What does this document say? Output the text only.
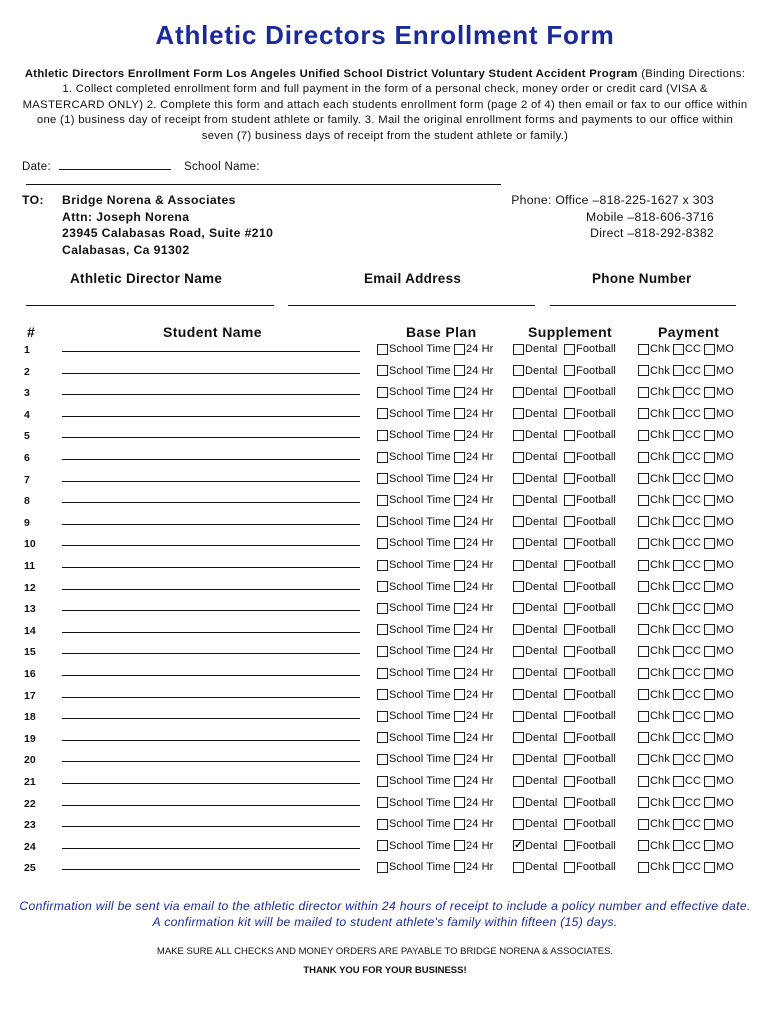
Athletic Directors Enrollment Form
Athletic Directors Enrollment Form Los Angeles Unified School District Voluntary Student Accident Program (Binding Directions: 1. Collect completed enrollment form and full payment in the form of a personal check, money order or credit card (VISA & MASTERCARD ONLY) 2. Complete this form and attach each students enrollment form (page 2 of 4) then email or fax to our office within one (1) business day of receipt from student athlete or family. 3. Mail the original enrollment forms and payments to our office within seven (7) business days of receipt from the student athlete or family.)
Date:	School Name:
TO: Bridge Norena & Associates
Attn: Joseph Norena
23945 Calabasas Road, Suite #210
Calabasas, Ca 91302
Phone: Office –818-225-1627 x 303
Mobile –818-606-3716
Direct –818-292-8382
Athletic Director Name	Email Address	Phone Number
#	Student Name	Base Plan	Supplement	Payment
1	School Time 24 Hr	Dental Football	Chk CC MO
2	School Time 24 Hr	Dental Football	Chk CC MO
3	School Time 24 Hr	Dental Football	Chk CC MO
4	School Time 24 Hr	Dental Football	Chk CC MO
5	School Time 24 Hr	Dental Football	Chk CC MO
6	School Time 24 Hr	Dental Football	Chk CC MO
7	School Time 24 Hr	Dental Football	Chk CC MO
8	School Time 24 Hr	Dental Football	Chk CC MO
9	School Time 24 Hr	Dental Football	Chk CC MO
10	School Time 24 Hr	Dental Football	Chk CC MO
11	School Time 24 Hr	Dental Football	Chk CC MO
12	School Time 24 Hr	Dental Football	Chk CC MO
13	School Time 24 Hr	Dental Football	Chk CC MO
14	School Time 24 Hr	Dental Football	Chk CC MO
15	School Time 24 Hr	Dental Football	Chk CC MO
16	School Time 24 Hr	Dental Football	Chk CC MO
17	School Time 24 Hr	Dental Football	Chk CC MO
18	School Time 24 Hr	Dental Football	Chk CC MO
19	School Time 24 Hr	Dental Football	Chk CC MO
20	School Time 24 Hr	Dental Football	Chk CC MO
21	School Time 24 Hr	Dental Football	Chk CC MO
22	School Time 24 Hr	Dental Football	Chk CC MO
23	School Time 24 Hr	Dental Football	Chk CC MO
24	School Time 24 Hr
✓	Dental Football	Chk CC MO
25	School Time 24 Hr	Dental Football	Chk CC MO
Confirmation will be sent via email to the athletic director within 24 hours of receipt to include a policy number and effective date. A confirmation kit will be mailed to student athlete's family within fifteen (15) days.
MAKE SURE ALL CHECKS AND MONEY ORDERS ARE PAYABLE TO BRIDGE NORENA & ASSOCIATES.
THANK YOU FOR YOUR BUSINESS!
